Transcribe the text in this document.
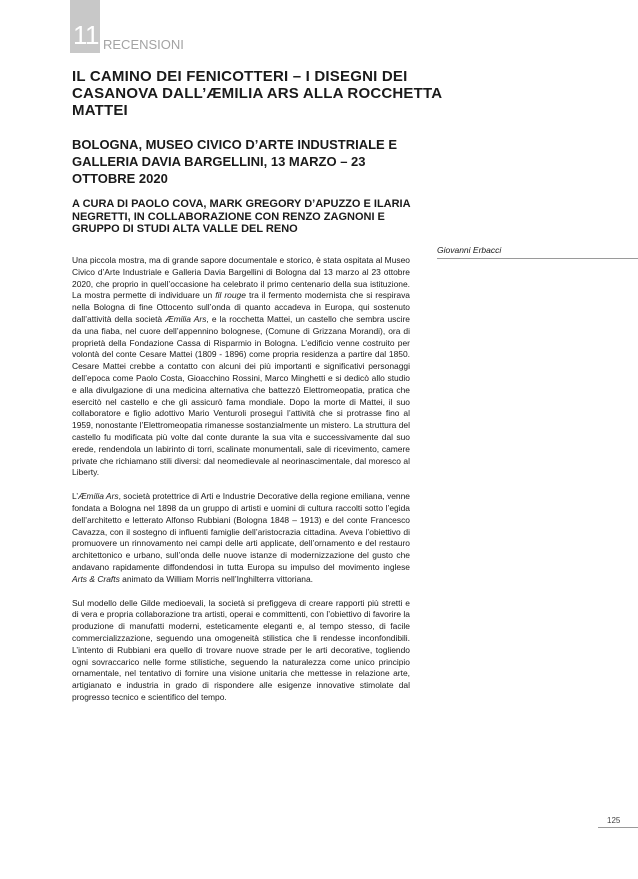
11 RECENSIONI
IL CAMINO DEI FENICOTTERI – I DISEGNI DEI CASANOVA DALL’ÆMILIA ARS ALLA ROCCHETTA MATTEI
BOLOGNA, MUSEO CIVICO D’ARTE INDUSTRIALE E GALLERIA DAVIA BARGELLINI, 13 MARZO – 23 OTTOBRE 2020
A CURA DI PAOLO COVA, MARK GREGORY D’APUZZO E ILARIA NEGRETTI, IN COLLABORAZIONE CON RENZO ZAGNONI E GRUPPO DI STUDI ALTA VALLE DEL RENO
Giovanni Erbacci

Una piccola mostra, ma di grande sapore documentale e storico, è stata ospitata al Museo Civico d’Arte Industriale e Galleria Davia Bargellini di Bologna dal 13 marzo al 23 ottobre 2020, che proprio in quell’occasione ha celebrato il primo centenario della sua istituzione. La mostra permette di individuare un fil rouge tra il fermento modernista che si respirava nella Bologna di fine Ottocento sull’onda di quanto accadeva in Europa, qui sostenuto dall’attività della società Æmilia Ars, e la rocchetta Mattei, un castello che sembra uscire da una fiaba, nel cuore dell’appennino bolognese, (Comune di Grizzana Morandi), ora di proprietà della Fondazione Cassa di Risparmio in Bologna. L’edificio venne costruito per volontà del conte Cesare Mattei (1809 - 1896) come propria residenza a partire dal 1850. Cesare Mattei crebbe a contatto con alcuni dei più importanti e significativi personaggi dell’epoca come Paolo Costa, Gioacchino Rossini, Marco Minghetti e si dedicò allo studio e alla divulgazione di una medicina alternativa che battezzò Elettromeopatia, pratica che esercitò nel castello e che gli assicurò fama mondiale. Dopo la morte di Mattei, il suo collaboratore e figlio adottivo Mario Venturoli proseguì l’attività che si protrasse fino al 1959, nonostante l’Elettromeopatia rimanesse sostanzialmente un mistero. La struttura del castello fu modificata più volte dal conte durante la sua vita e successivamente dal suo erede, rendendola un labirinto di torri, scalinate monumentali, sale di ricevimento, camere private che richiamano stili diversi: dal neomedievale al neorinascimentale, dal moresco al Liberty.

L’Æmilia Ars, società protettrice di Arti e Industrie Decorative della regione emiliana, venne fondata a Bologna nel 1898 da un gruppo di artisti e uomini di cultura raccolti sotto l’egida dell’architetto e letterato Alfonso Rubbiani (Bologna 1848 – 1913) e del conte Francesco Cavazza, con il sostegno di influenti famiglie dell’aristocrazia cittadina. Aveva l’obiettivo di promuovere un rinnovamento nei campi delle arti applicate, dell’ornamento e del restauro architettonico e urbano, sull’onda delle nuove istanze di modernizzazione del gusto che andavano rapidamente diffondendosi in tutta Europa su impulso del movimento inglese Arts & Crafts animato da William Morris nell’Inghilterra vittoriana.

Sul modello delle Gilde medioevali, la società si prefiggeva di creare rapporti più stretti e di vera e propria collaborazione tra artisti, operai e committenti, con l’obiettivo di favorire la produzione di manufatti moderni, esteticamente eleganti e, al tempo stesso, di facile commercializzazione, seguendo una omogeneità stilistica che li rendesse inconfondibili. L’intento di Rubbiani era quello di trovare nuove strade per le arti decorative, togliendo ogni sovraccarico nelle forme stilistiche, seguendo la naturalezza come unico principio ornamentale, nel tentativo di fornire una visione unitaria che mettesse in relazione arte, artigianato e industria in grado di rispondere alle esigenze innovative stimolate dal progresso tecnico e scientifico del tempo.

125
